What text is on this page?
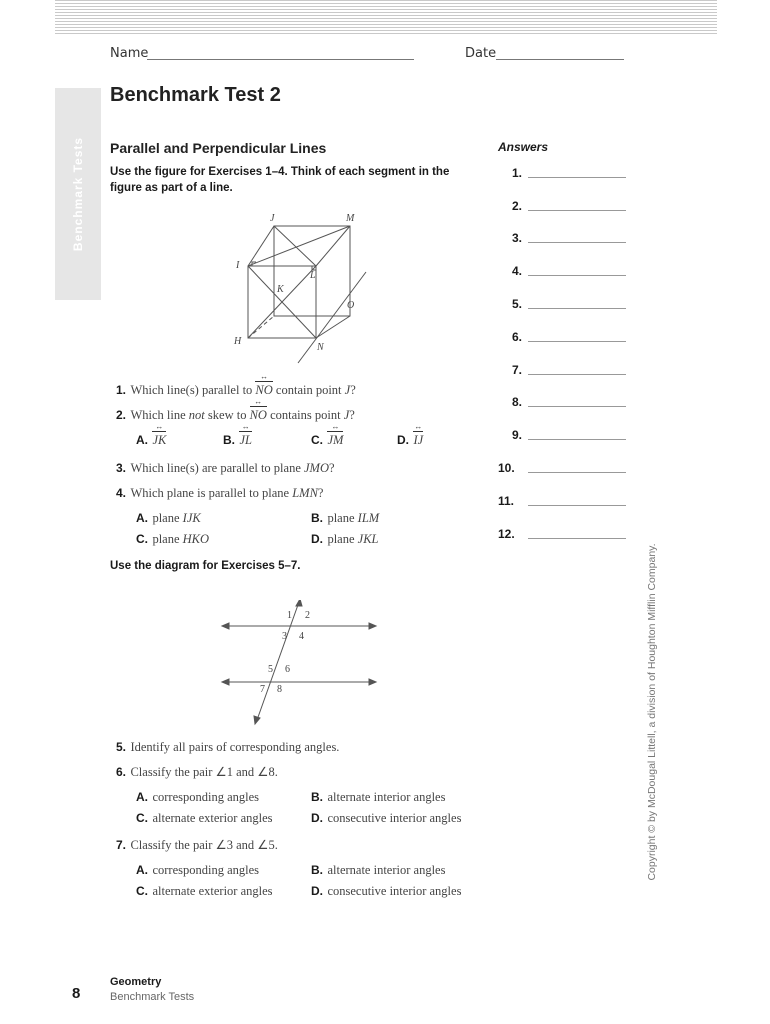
Benchmark Tests
Name	Date
Benchmark Test 2
Parallel and Perpendicular Lines
Use the figure for Exercises 1–4. Think of each segment in the
figure as part of a line.
J	M
I
L
K
O
H
N
1. Which line(s) parallel to NO ↔ contain point J?
2. Which line not skew to NO ↔ contains point J?
A. JK ↔	B. JL ↔	C. JM ↔	D. IJ ↔
3. Which line(s) are parallel to plane JMO?
4. Which plane is parallel to plane LMN?
A. plane IJK	B. plane ILM
C. plane HKO	D. plane JKL
Use the diagram for Exercises 5–7.
1 2
3 4
5 6
7 8
5. Identify all pairs of corresponding angles.
6. Classify the pair ∠1 and ∠8.
A. corresponding angles	B. alternate interior angles
C. alternate exterior angles	D. consecutive interior angles
7. Classify the pair ∠3 and ∠5.
A. corresponding angles	B. alternate interior angles
C. alternate exterior angles	D. consecutive interior angles
Answers
1.
2.
3.
4.
5.
6.
7.
8.
9.
10.
11.
12.
Copyright © by McDougal Littell, a division of Houghton Mifflin Company.
8
Geometry
Benchmark Tests
